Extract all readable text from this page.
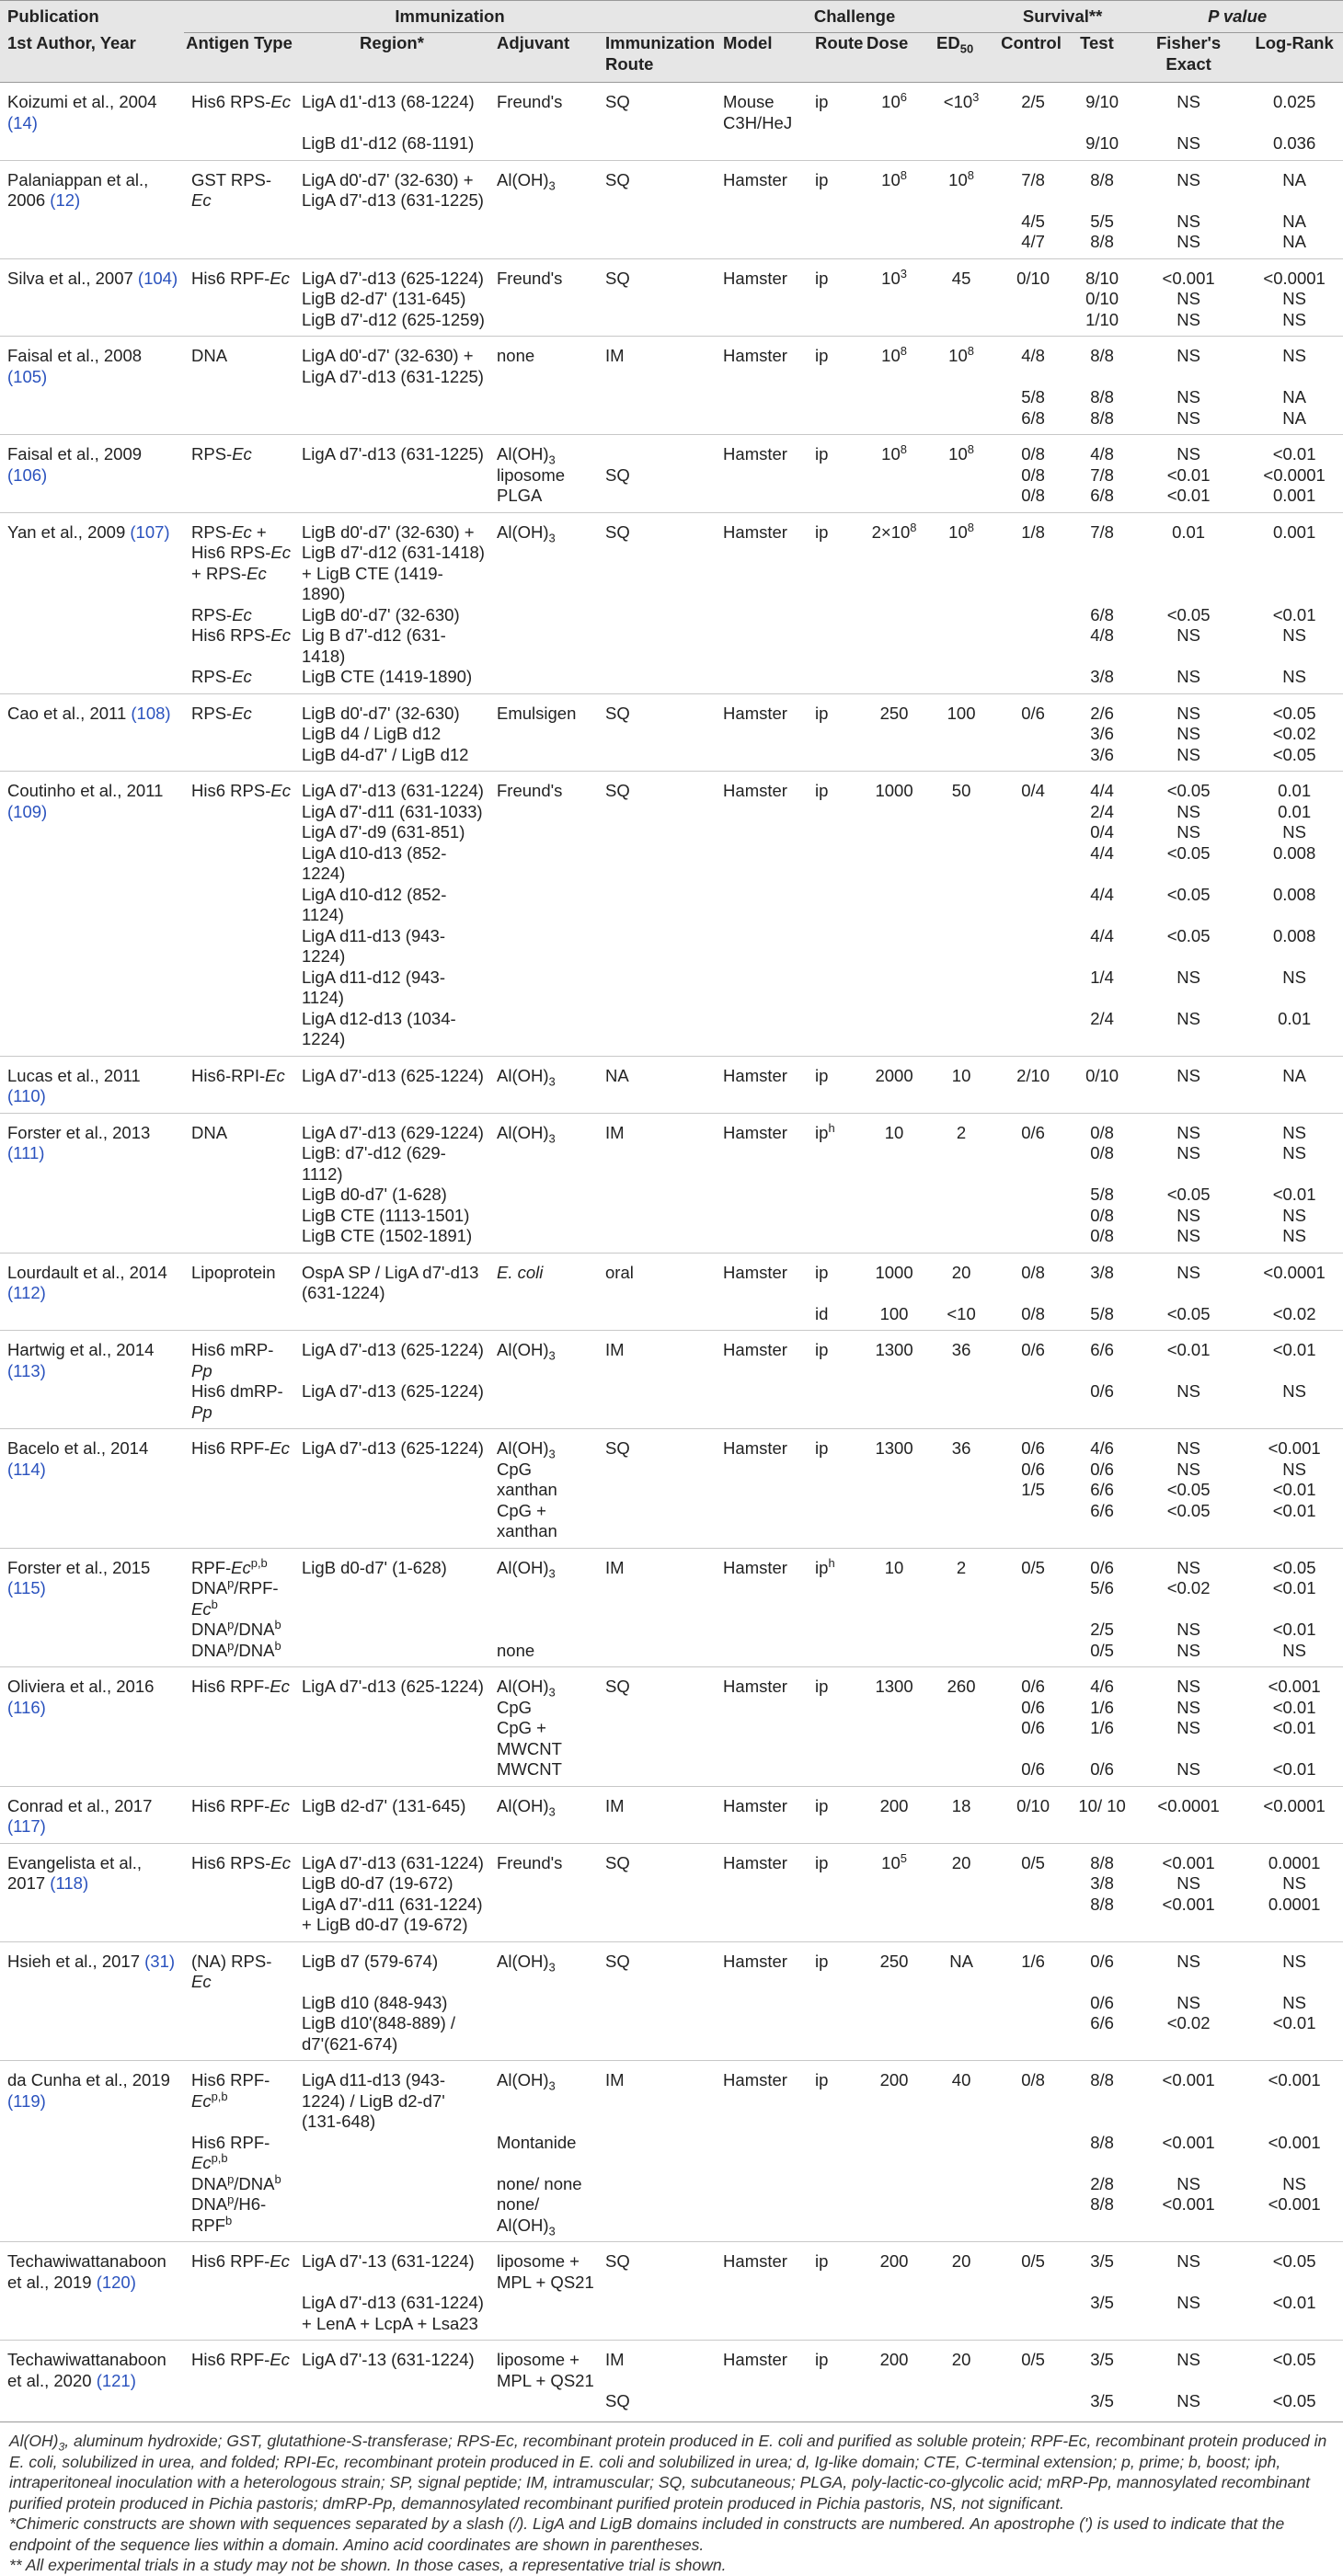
Publication	Immunization				Challenge				Survival**		P value	
1st Author, Year	Antigen Type	Region*	Adjuvant	Immunization Route	Model	Route	Dose	$ED_{50}$	Control	Test	Fisher's Exact	Log-Rank
Koizumi et al., 2004 (14)	His6 RPS-Ec	LigA d1'-d13 (68-1224)	Freund's	SQ	Mouse C3H/HeJ	ip	$10^6$	$<10^3$	2/5	9/10	NS	0.025
		LigB d1'-d12 (68-1191)								9/10	NS	0.036
Palaniappan et al., 2006 (12)	GST RPS-Ec	LigA d0'-d7' (32-630) + LigA d7'-d13 (631-1225)	$Al(OH)_3$	SQ	Hamster	ip	$10^8$	$10^8$	7/8	8/8	NS	NA
									4/5	5/5	NS	NA
									4/7	8/8	NS	NA
Silva et al., 2007 (104)	His6 RPF-Ec	LigA d7'-d13 (625-1224)	Freund's	SQ	Hamster	ip	$10^3$	45	0/10	8/10	<0.001	<0.0001
		LigB d2-d7' (131-645)								0/10	NS	NS
		LigB d7'-d12 (625-1259)								1/10	NS	NS
Faisal et al., 2008 (105)	DNA	LigA d0'-d7' (32-630) + LigA d7'-d13 (631-1225)	none	IM	Hamster	ip	$10^8$	$10^8$	4/8	8/8	NS	NS
									5/8	8/8	NS	NA
									6/8	8/8	NS	NA
Faisal et al., 2009 (106)	RPS-Ec	LigA d7'-d13 (631-1225)	$Al(OH)_3$		Hamster	ip	$10^8$	$10^8$	0/8	4/8	NS	<0.01
			liposome	SQ					0/8	7/8	<0.01	<0.0001
			PLGA						0/8	6/8	<0.01	0.001
Yan et al., 2009 (107)	RPS-Ec + His6 RPS-Ec + RPS-Ec	LigB d0'-d7' (32-630) + LigB d7'-d12 (631-1418) + LigB CTE (1419-1890)	$Al(OH)_3$	SQ	Hamster	ip	$2\times 10^8$	$10^8$	1/8	7/8	0.01	0.001
	RPS-Ec	LigB d0'-d7' (32-630)								6/8	<0.05	<0.01
	His6 RPS-Ec	Lig B d7'-d12 (631-1418)								4/8	NS	NS
	RPS-Ec	LigB CTE (1419-1890)								3/8	NS	NS
Cao et al., 2011 (108)	RPS-Ec	LigB d0'-d7' (32-630)	Emulsigen	SQ	Hamster	ip	250	100	0/6	2/6	NS	<0.05
		LigB d4 / LigB d12								3/6	NS	<0.02
		LigB d4-d7' / LigB d12								3/6	NS	<0.05
Coutinho et al., 2011 (109)	His6 RPS-Ec	LigA d7'-d13 (631-1224)	Freund's	SQ	Hamster	ip	1000	50	0/4	4/4	<0.05	0.01
		LigA d7'-d11 (631-1033)								2/4	NS	0.01
		LigA d7'-d9 (631-851)								0/4	NS	NS
		LigA d10-d13 (852-1224)								4/4	<0.05	0.008
		LigA d10-d12 (852-1124)								4/4	<0.05	0.008
		LigA d11-d13 (943-1224)								4/4	<0.05	0.008
		LigA d11-d12 (943-1124)								1/4	NS	NS
		LigA d12-d13 (1034-1224)								2/4	NS	0.01
Lucas et al., 2011 (110)	His6-RPI-Ec	LigA d7'-d13 (625-1224)	$Al(OH)_3$	NA	Hamster	ip	2000	10	2/10	0/10	NS	NA
Forster et al., 2013 (111)	DNA	LigA d7'-d13 (629-1224)	$Al(OH)_3$	IM	Hamster	$ip^h$	10	2	0/6	0/8	NS	NS
		LigB: d7'-d12 (629-1112)								0/8	NS	NS
		LigB d0-d7' (1-628)								5/8	<0.05	<0.01
		LigB CTE (1113-1501)								0/8	NS	NS
		LigB CTE (1502-1891)								0/8	NS	NS
Lourdault et al., 2014 (112)	Lipoprotein	OspA SP / LigA d7'-d13 (631-1224)	E. coli	oral	Hamster	ip	1000	20	0/8	3/8	NS	<0.0001
						id	100	<10	0/8	5/8	<0.05	<0.02
Hartwig et al., 2014 (113)	His6 mRP-Pp	LigA d7'-d13 (625-1224)	$Al(OH)_3$	IM	Hamster	ip	1300	36	0/6	6/6	<0.01	<0.01
	His6 dmRP-Pp	LigA d7'-d13 (625-1224)								0/6	NS	NS
Bacelo et al., 2014 (114)	His6 RPF-Ec	LigA d7'-d13 (625-1224)	$Al(OH)_3$	SQ	Hamster	ip	1300	36	0/6	4/6	NS	<0.001
			CpG						0/6	0/6	NS	NS
			xanthan						1/5	6/6	<0.05	<0.01
			CpG + xanthan							6/6	<0.05	<0.01
Forster et al., 2015 (115)	RPF-Ec$^{p,b}$	LigB d0-d7' (1-628)	$Al(OH)_3$	IM	Hamster	$ip^h$	10	2	0/5	0/6	NS	<0.05
	DNA$^p$/RPF-Ec$^b$									5/6	<0.02	<0.01
	DNA$^p$/DNA$^b$									2/5	NS	<0.01
	DNA$^p$/DNA$^b$		none							0/5	NS	NS
Oliviera et al., 2016 (116)	His6 RPF-Ec	LigA d7'-d13 (625-1224)	$Al(OH)_3$	SQ	Hamster	ip	1300	260	0/6	4/6	NS	<0.001
			CpG						0/6	1/6	NS	<0.01
			CpG + MWCNT						0/6	1/6	NS	<0.01
			MWCNT						0/6	0/6	NS	<0.01
Conrad et al., 2017 (117)	His6 RPF-Ec	LigB d2-d7' (131-645)	$Al(OH)_3$	IM	Hamster	ip	200	18	0/10	10/ 10	<0.0001	<0.0001
Evangelista et al., 2017 (118)	His6 RPS-Ec	LigA d7'-d13 (631-1224)	Freund's	SQ	Hamster	ip	$10^5$	20	0/5	8/8	<0.001	0.0001
		LigB d0-d7 (19-672)								3/8	NS	NS
		LigA d7'-d11 (631-1224) + LigB d0-d7 (19-672)								8/8	<0.001	0.0001
Hsieh et al., 2017 (31)	(NA) RPS-Ec	LigB d7 (579-674)	$Al(OH)_3$	SQ	Hamster	ip	250	NA	1/6	0/6	NS	NS
		LigB d10 (848-943)								0/6	NS	NS
		LigB d10'(848-889) / d7'(621-674)								6/6	<0.02	<0.01
da Cunha et al., 2019 (119)	His6 RPF-Ec$^{p,b}$	LigA d11-d13 (943-1224) / LigB d2-d7' (131-648)	$Al(OH)_3$	IM	Hamster	ip	200	40	0/8	8/8	<0.001	<0.001
	His6 RPF-Ec$^{p,b}$		Montanide							8/8	<0.001	<0.001
	DNA$^p$/DNA$^b$		none/ none							2/8	NS	NS
	DNA$^p$/H6-RPF$^b$		none/ $Al(OH)_3$							8/8	<0.001	<0.001
Techawiwattanaboon et al., 2019 (120)	His6 RPF-Ec	LigA d7'-13 (631-1224)	liposome + MPL + QS21	SQ	Hamster	ip	200	20	0/5	3/5	NS	<0.05
		LigA d7'-d13 (631-1224) + LenA + LcpA + Lsa23								3/5	NS	<0.01
Techawiwattanaboon et al., 2020 (121)	His6 RPF-Ec	LigA d7'-13 (631-1224)	liposome + MPL + QS21	IM	Hamster	ip	200	20	0/5	3/5	NS	<0.05
				SQ						3/5	NS	<0.05

$Al(OH)_3$, aluminum hydroxide; GST, glutathione-S-transferase; RPS-Ec, recombinant protein produced in E. coli and purified as soluble protein; RPF-Ec, recombinant protein produced in E. coli, solubilized in urea, and folded; RPI-Ec, recombinant protein produced in E. coli and solubilized in urea; d, Ig-like domain; CTE, C-terminal extension; p, prime; b, boost; iph, intraperitoneal inoculation with a heterologous strain; SP, signal peptide; IM, intramuscular; SQ, subcutaneous; PLGA, poly-lactic-co-glycolic acid; mRP-Pp, mannosylated recombinant purified protein produced in Pichia pastoris; dmRP-Pp, demannosylated recombinant purified protein produced in Pichia pastoris, NS, not significant.

*Chimeric constructs are shown with sequences separated by a slash (/). LigA and LigB domains included in constructs are numbered. An apostrophe (') is used to indicate that the endpoint of the sequence lies within a domain. Amino acid coordinates are shown in parentheses.

** All experimental trials in a study may not be shown. In those cases, a representative trial is shown.
